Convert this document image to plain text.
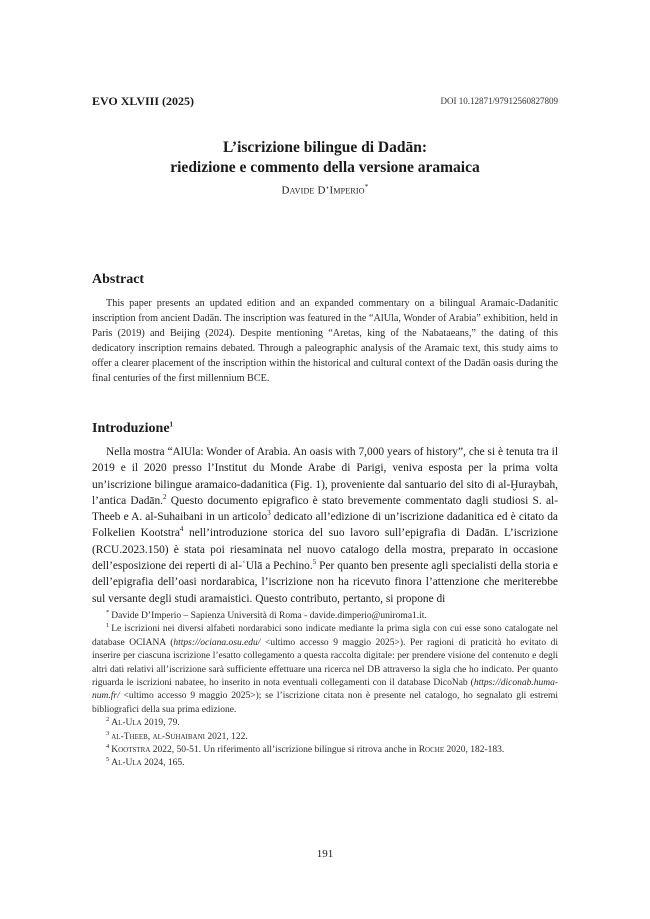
EVO XLVIII (2025)	DOI 10.12871/97912560827809
L’iscrizione bilingue di Dadān:
riedizione e commento della versione aramaica
Davide D’Imperio*
Abstract
This paper presents an updated edition and an expanded commentary on a bilingual Aramaic-Dadanitic inscription from ancient Dadān. The inscription was featured in the “AlUla, Wonder of Arabia” exhibition, held in Paris (2019) and Beijing (2024). Despite mentioning “Aretas, king of the Nabataeans,” the dating of this dedicatory inscription remains debated. Through a paleographic analysis of the Aramaic text, this study aims to offer a clearer placement of the inscription within the historical and cultural context of the Dadān oasis during the final centuries of the first millennium BCE.
Introduzione$^1$
Nella mostra “AlUla: Wonder of Arabia. An oasis with 7,000 years of history”, che si è tenuta tra il 2019 e il 2020 presso l’Institut du Monde Arabe di Parigi, veniva esposta per la prima volta un’iscrizione bilingue aramaico-dadanitica (Fig. 1), proveniente dal santuario del sito di al-Ḫuraybah, l’antica Dadān.$^2$ Questo documento epigrafico è stato brevemente commentato dagli studiosi S. al-Theeb e A. al-Suhaibani in un articolo$^3$ dedicato all’edizione di un’iscrizione dadanitica ed è citato da Folkelien Kootstra$^4$ nell’introduzione storica del suo lavoro sull’epigrafia di Dadān. L’iscrizione (RCU.2023.150) è stata poi riesaminata nel nuovo catalogo della mostra, preparato in occasione dell’esposizione dei reperti di al-ʿUlā a Pechino.$^5$ Per quanto ben presente agli specialisti della storia e dell’epigrafia dell’oasi nordarabica, l’iscrizione non ha ricevuto finora l’attenzione che meriterebbe sul versante degli studi aramaistici. Questo contributo, pertanto, si propone di
* Davide D’Imperio – Sapienza Università di Roma - davide.dimperio@uniroma1.it.
$^1$ Le iscrizioni nei diversi alfabeti nordarabici sono indicate mediante la prima sigla con cui esse sono catalogate nel database OCIANA (https://ociana.osu.edu/ <ultimo accesso 9 maggio 2025>). Per ragioni di praticità ho evitato di inserire per ciascuna iscrizione l’esatto collegamento a questa raccolta digitale: per prendere visione del contenuto e degli altri dati relativi all’iscrizione sarà sufficiente effettuare una ricerca nel DB attraverso la sigla che ho indicato. Per quanto riguarda le iscrizioni nabatee, ho inserito in nota eventuali collegamenti con il database DicoNab (https://diconab.huma-num.fr/ <ultimo accesso 9 maggio 2025>); se l’iscrizione citata non è presente nel catalogo, ho segnalato gli estremi bibliografici della sua prima edizione.
$^2$ Al-Ula 2019, 79.
$^3$ al-Theeb, al-Suhaibani 2021, 122.
$^4$ Kootstra 2022, 50-51. Un riferimento all’iscrizione bilingue si ritrova anche in Roche 2020, 182-183.
$^5$ Al-Ula 2024, 165.
191
